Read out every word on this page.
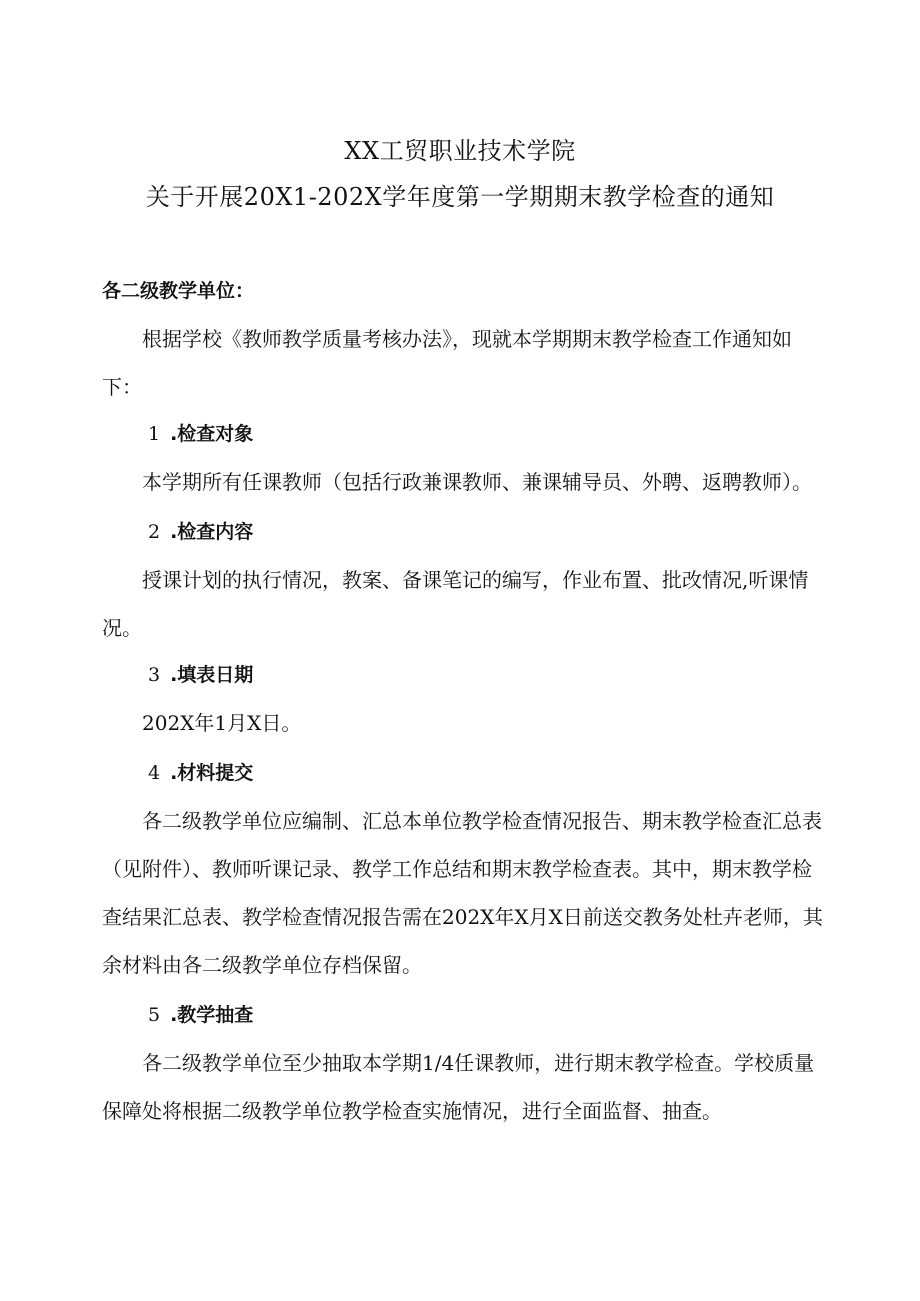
XX工贸职业技术学院
关于开展20X1-202X学年度第一学期期末教学检查的通知
各二级教学单位：
根据学校《教师教学质量考核办法》，现就本学期期末教学检查工作通知如下：
1 .检查对象
本学期所有任课教师（包括行政兼课教师、兼课辅导员、外聘、返聘教师）。
2 .检查内容
授课计划的执行情况，教案、备课笔记的编写，作业布置、批改情况,听课情况。
3 .填表日期
202X年1月X日。
4 .材料提交
各二级教学单位应编制、汇总本单位教学检查情况报告、期末教学检查汇总表（见附件）、教师听课记录、教学工作总结和期末教学检查表。其中，期末教学检查结果汇总表、教学检查情况报告需在202X年X月X日前送交教务处杜卉老师，其余材料由各二级教学单位存档保留。
5 .教学抽查
各二级教学单位至少抽取本学期1/4任课教师，进行期末教学检查。学校质量保障处将根据二级教学单位教学检查实施情况，进行全面监督、抽查。
